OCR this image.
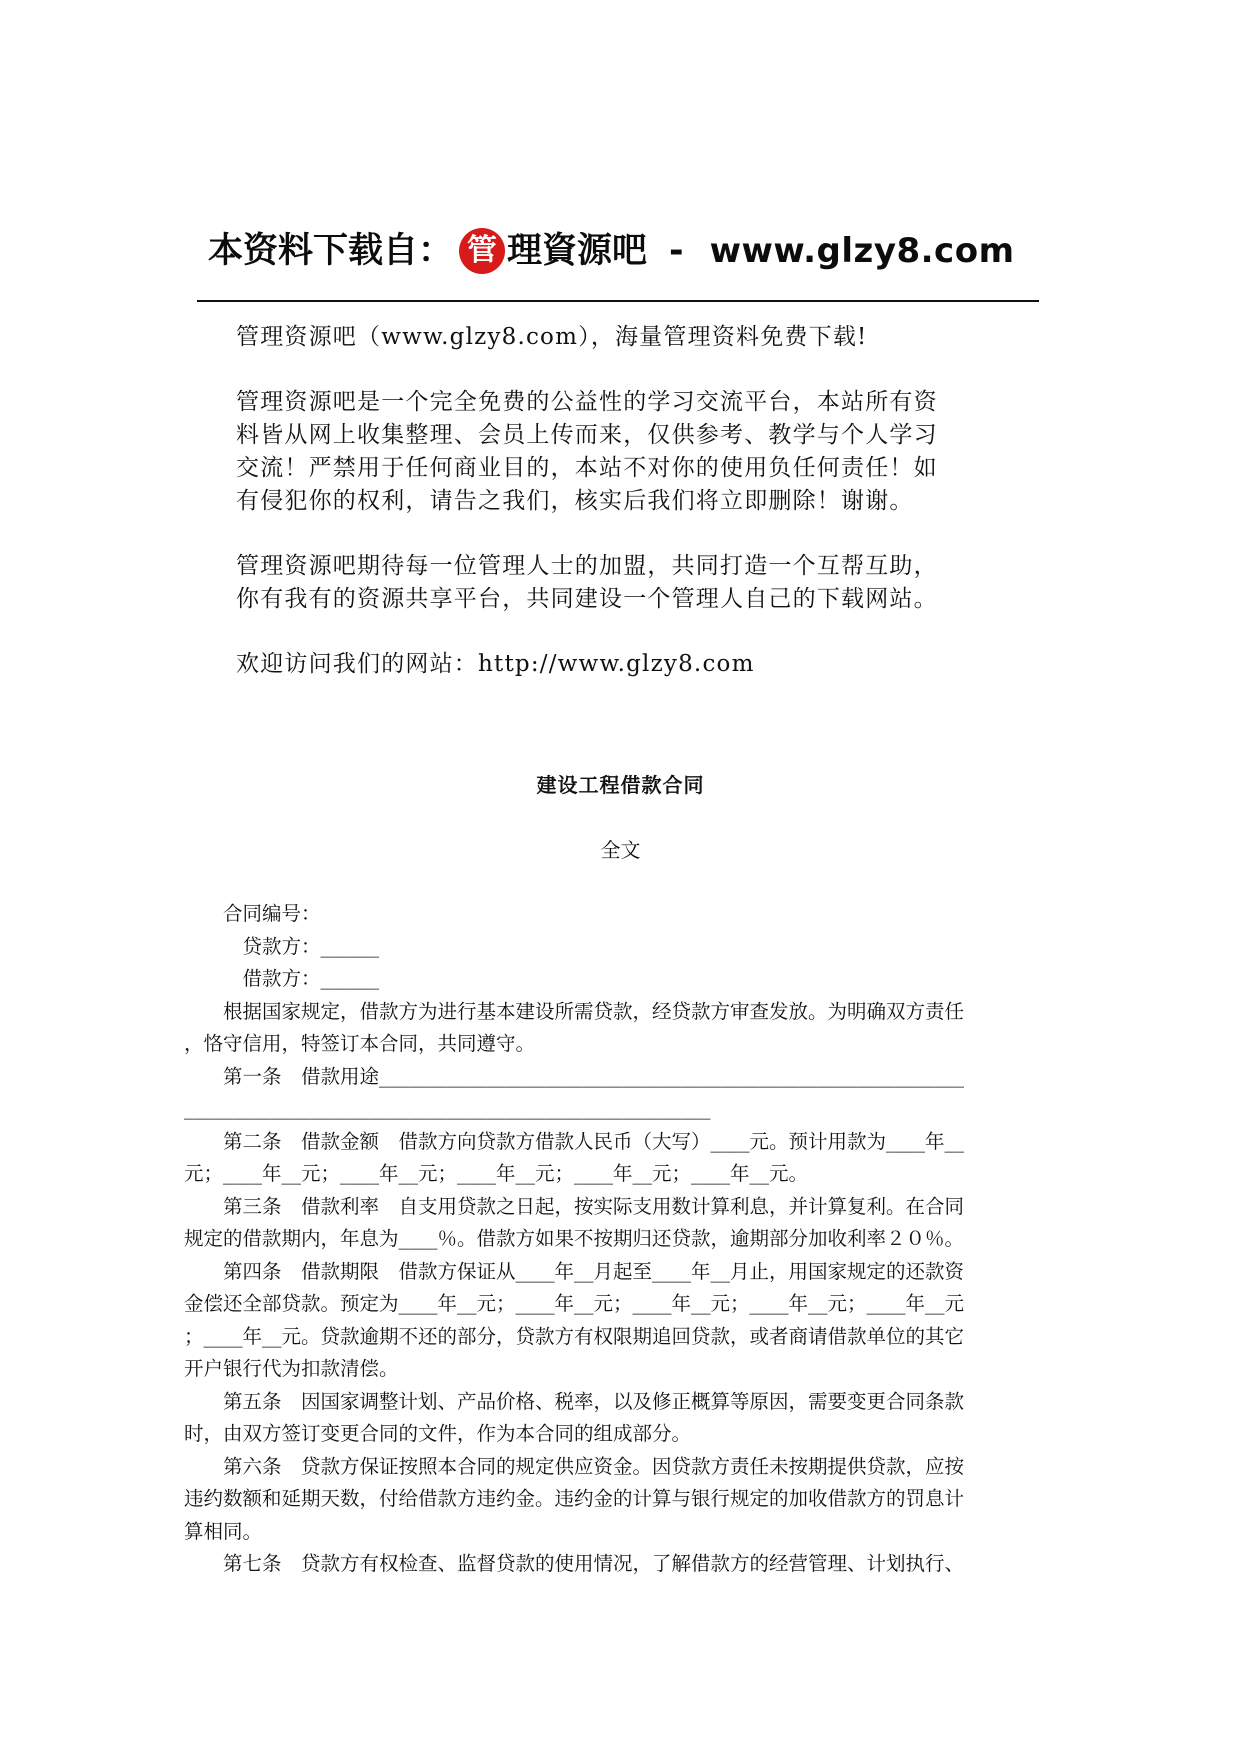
本资料下载自： 管 理資源吧 - www.glzy8.com

管理资源吧（www.glzy8.com），海量管理资料免费下载!

管理资源吧是一个完全免费的公益性的学习交流平台，本站所有资
料皆从网上收集整理、会员上传而来，仅供参考、教学与个人学习
交流！严禁用于任何商业目的，本站不对你的使用负任何责任！如
有侵犯你的权利，请告之我们，核实后我们将立即删除！谢谢。

管理资源吧期待每一位管理人士的加盟，共同打造一个互帮互助，
你有我有的资源共享平台，共同建设一个管理人自己的下载网站。

欢迎访问我们的网站：http://www.glzy8.com

建设工程借款合同
全文
　　合同编号：
　　　贷款方：______
　　　借款方：______
　　根据国家规定，借款方为进行基本建设所需贷款，经贷款方审查发放。为明确双方责任
，恪守信用，特签订本合同，共同遵守。
　　第一条　借款用途____________________________________________________________
______________________________________________________
　　第二条　借款金额　借款方向贷款方借款人民币（大写）____元。预计用款为____年__
元；____年__元；____年__元；____年__元；____年__元；____年__元。
　　第三条　借款利率　自支用贷款之日起，按实际支用数计算利息，并计算复利。在合同
规定的借款期内，年息为____％。借款方如果不按期归还贷款，逾期部分加收利率２０％。
　　第四条　借款期限　借款方保证从____年__月起至____年__月止，用国家规定的还款资
金偿还全部贷款。预定为____年__元；____年__元；____年__元；____年__元；____年__元
；____年__元。贷款逾期不还的部分，贷款方有权限期追回贷款，或者商请借款单位的其它
开户银行代为扣款清偿。
　　第五条　因国家调整计划、产品价格、税率，以及修正概算等原因，需要变更合同条款
时，由双方签订变更合同的文件，作为本合同的组成部分。
　　第六条　贷款方保证按照本合同的规定供应资金。因贷款方责任未按期提供贷款，应按
违约数额和延期天数，付给借款方违约金。违约金的计算与银行规定的加收借款方的罚息计
算相同。
　　第七条　贷款方有权检查、监督贷款的使用情况，了解借款方的经营管理、计划执行、
